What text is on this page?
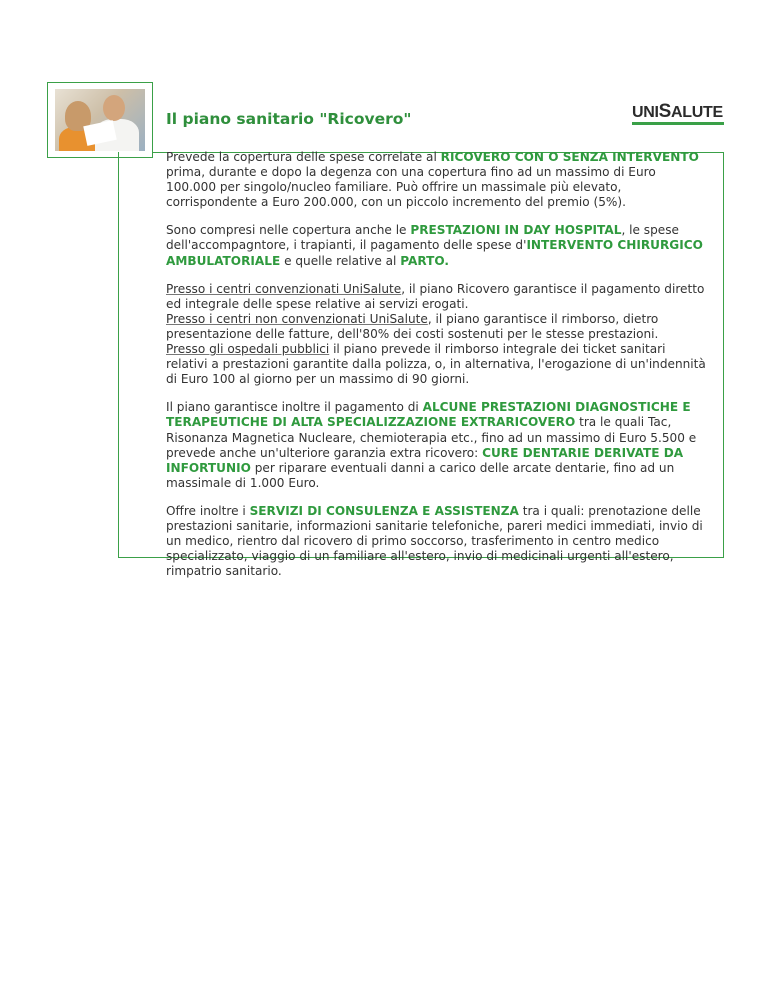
Il piano sanitario "Ricovero"	UNISALUTE

Prevede la copertura delle spese correlate al RICOVERO CON O SENZA INTERVENTO prima, durante e dopo la degenza con una copertura fino ad un massimo di Euro 100.000 per singolo/nucleo familiare. Può offrire un massimale più elevato, corrispondente a Euro 200.000, con un piccolo incremento del premio (5%).

Sono compresi nelle copertura anche le PRESTAZIONI IN DAY HOSPITAL, le spese dell'accompagntore, i trapianti, il pagamento delle spese d'INTERVENTO CHIRURGICO AMBULATORIALE e quelle relative al PARTO.

Presso i centri convenzionati UniSalute, il piano Ricovero garantisce il pagamento diretto ed integrale delle spese relative ai servizi erogati.
Presso i centri non convenzionati UniSalute, il piano garantisce il rimborso, dietro presentazione delle fatture, dell'80% dei costi sostenuti per le stesse prestazioni.
Presso gli ospedali pubblici il piano prevede il rimborso integrale dei ticket sanitari relativi a prestazioni garantite dalla polizza, o, in alternativa, l'erogazione di un'indennità di Euro 100 al giorno per un massimo di 90 giorni.

Il piano garantisce inoltre il pagamento di ALCUNE PRESTAZIONI DIAGNOSTICHE E TERAPEUTICHE DI ALTA SPECIALIZZAZIONE EXTRARICOVERO tra le quali Tac, Risonanza Magnetica Nucleare, chemioterapia etc., fino ad un massimo di Euro 5.500 e prevede anche un'ulteriore garanzia extra ricovero: CURE DENTARIE DERIVATE DA INFORTUNIO per riparare eventuali danni a carico delle arcate dentarie, fino ad un massimale di 1.000 Euro.

Offre inoltre i SERVIZI DI CONSULENZA E ASSISTENZA tra i quali: prenotazione delle prestazioni sanitarie, informazioni sanitarie telefoniche, pareri medici immediati, invio di un medico, rientro dal ricovero di primo soccorso, trasferimento in centro medico specializzato, viaggio di un familiare all'estero, invio di medicinali urgenti all'estero, rimpatrio sanitario.
